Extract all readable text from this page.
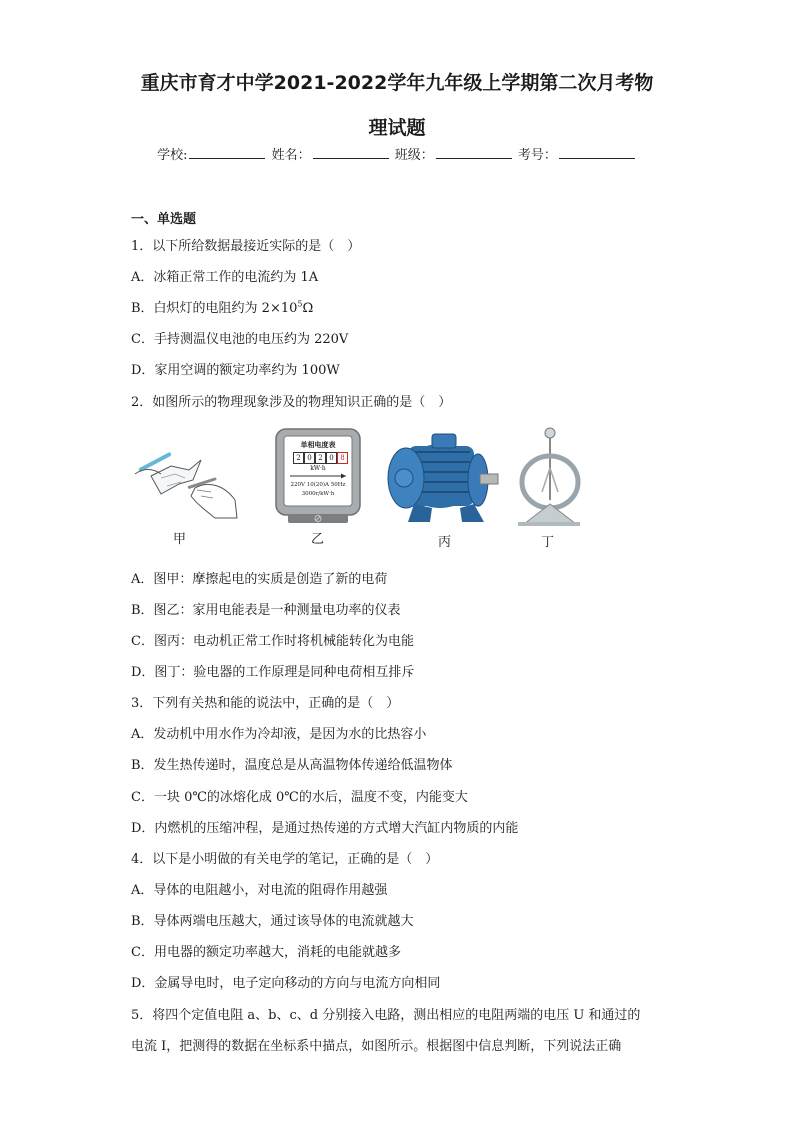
重庆市育才中学2021-2022学年九年级上学期第二次月考物
理试题
学校:	姓名：	班级：	考号：
一、单选题
1．以下所给数据最接近实际的是（　）
A．冰箱正常工作的电流约为 1A
B．白炽灯的电阻约为 $2\times 10^5\Omega$
C．手持测温仪电池的电压约为 220V
D．家用空调的额定功率约为 100W
2．如图所示的物理现象涉及的物理知识正确的是（　）
甲
单相电度表
2 0 2 0 8
kW·h
220V 10(20)A 50Hz
3000r/kW·h
乙	丙	丁
A．图甲：摩擦起电的实质是创造了新的电荷
B．图乙：家用电能表是一种测量电功率的仪表
C．图丙：电动机正常工作时将机械能转化为电能
D．图丁：验电器的工作原理是同种电荷相互排斥
3．下列有关热和能的说法中，正确的是（　）
A．发动机中用水作为冷却液，是因为水的比热容小
B．发生热传递时，温度总是从高温物体传递给低温物体
C．一块 0℃的冰熔化成 0℃的水后，温度不变，内能变大
D．内燃机的压缩冲程，是通过热传递的方式增大汽缸内物质的内能
4．以下是小明做的有关电学的笔记，正确的是（　）
A．导体的电阻越小，对电流的阻碍作用越强
B．导体两端电压越大，通过该导体的电流就越大
C．用电器的额定功率越大，消耗的电能就越多
D．金属导电时，电子定向移动的方向与电流方向相同
5．将四个定值电阻 a、b、c、d 分别接入电路，测出相应的电阻两端的电压 U 和通过的
电流 I，把测得的数据在坐标系中描点，如图所示。根据图中信息判断，下列说法正确
